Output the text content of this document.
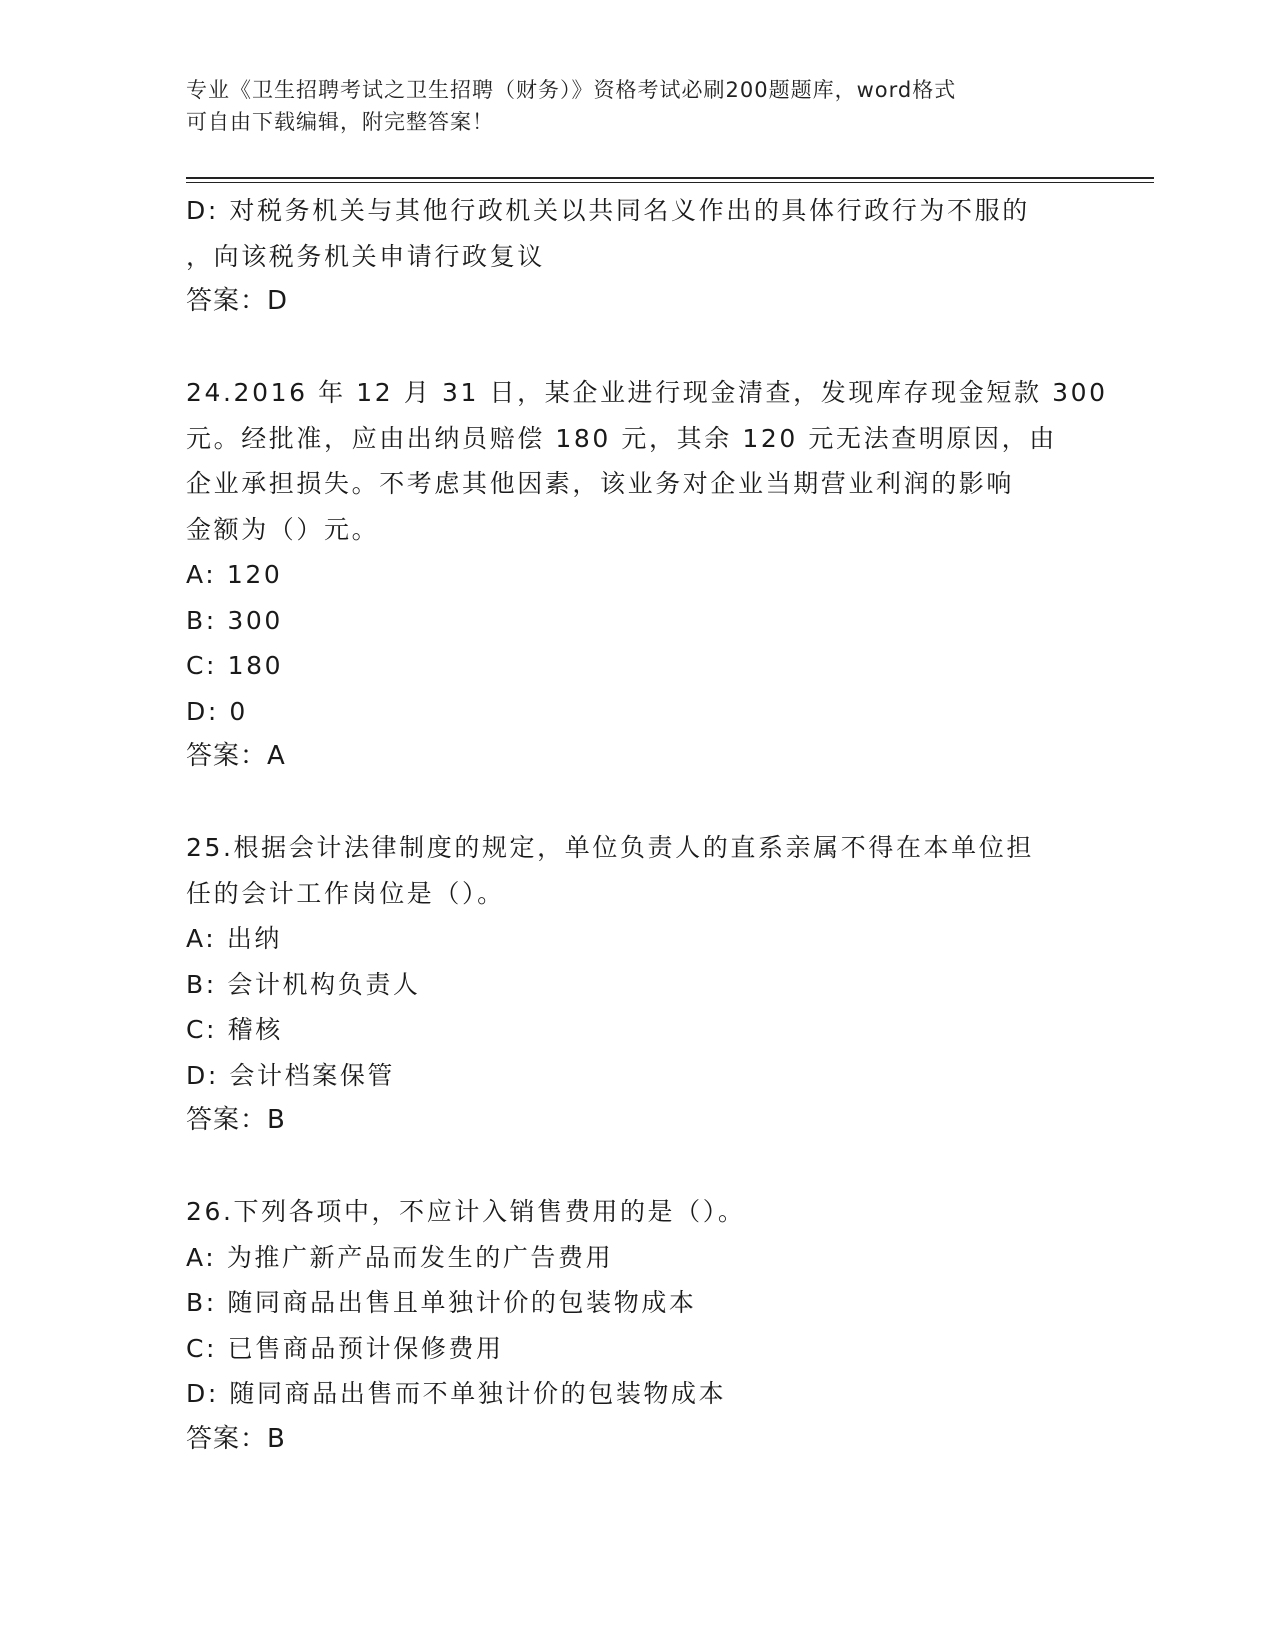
专业《卫生招聘考试之卫生招聘（财务）》资格考试必刷200题题库，word格式
可自由下载编辑，附完整答案！
D: 对税务机关与其他行政机关以共同名义作出的具体行政行为不服的
，向该税务机关申请行政复议
答案：D
24.2016 年 12 月 31 日，某企业进行现金清查，发现库存现金短款 300
元。经批准，应由出纳员赔偿 180 元，其余 120 元无法查明原因，由
企业承担损失。不考虑其他因素，该业务对企业当期营业利润的影响
金额为（）元。
A: 120
B: 300
C: 180
D: 0
答案：A
25.根据会计法律制度的规定，单位负责人的直系亲属不得在本单位担
任的会计工作岗位是（）。
A: 出纳
B: 会计机构负责人
C: 稽核
D: 会计档案保管
答案：B
26.下列各项中，不应计入销售费用的是（）。
A: 为推广新产品而发生的广告费用
B: 随同商品出售且单独计价的包装物成本
C: 已售商品预计保修费用
D: 随同商品出售而不单独计价的包装物成本
答案：B
